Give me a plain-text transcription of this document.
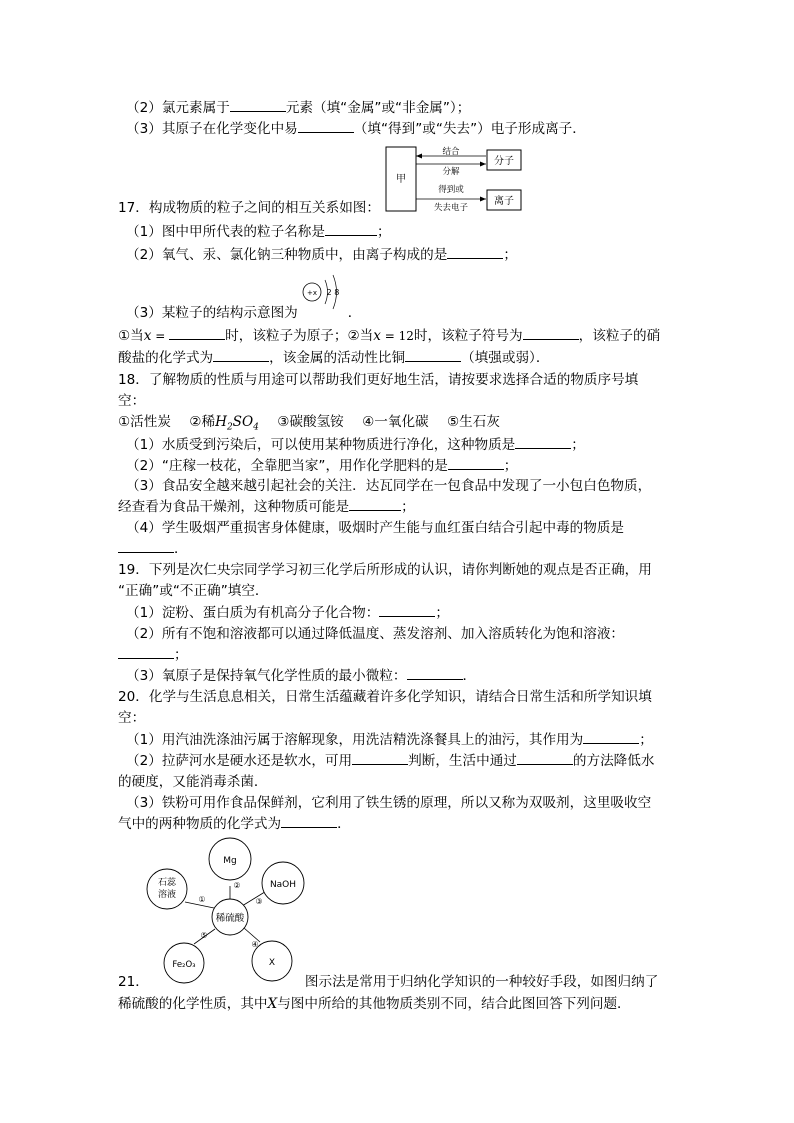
（2）氯元素属于	元素（填“金属”或“非金属”）；
（3）其原子在化学变化中易	（填“得到”或“失去”）电子形成离子．
甲
分子
离子
结合
分解
得到或
失去电子
17．构成物质的粒子之间的相互关系如图：
（1）图中甲所代表的粒子名称是	；
（2）氧气、汞、氯化钠三种物质中，由离子构成的是	；
+x 2 8
（3）某粒子的结构示意图为	．
①当x =	时，该粒子为原子；②当x = 12时，该粒子符号为	，该粒子的硝
酸盐的化学式为	，该金属的活动性比铜	（填强或弱）．
18．了解物质的性质与用途可以帮助我们更好地生活，请按要求选择合适的物质序号填
空：
①活性炭 ②稀$H_2SO_4$ ③碳酸氢铵 ④一氧化碳 ⑤生石灰
（1）水质受到污染后，可以使用某种物质进行净化，这种物质是	；
（2）“庄稼一枝花，全靠肥当家”，用作化学肥料的是	；
（3）食品安全越来越引起社会的关注．达瓦同学在一包食品中发现了一小包白色物质，
经查看为食品干燥剂，这种物质可能是	；
（4）学生吸烟严重损害身体健康，吸烟时产生能与血红蛋白结合引起中毒的物质是
．
19．下列是次仁央宗同学学习初三化学后所形成的认识，请你判断她的观点是否正确，用
“正确”或“不正确”填空．
（1）淀粉、蛋白质为有机高分子化合物：	；
（2）所有不饱和溶液都可以通过降低温度、蒸发溶剂、加入溶质转化为饱和溶液：
；
（3）氧原子是保持氧气化学性质的最小微粒：	．
20．化学与生活息息相关，日常生活蕴藏着许多化学知识，请结合日常生活和所学知识填
空：
（1）用汽油洗涤油污属于溶解现象，用洗洁精洗涤餐具上的油污，其作用为	；
（2）拉萨河水是硬水还是软水，可用	判断，生活中通过	的方法降低水
的硬度，又能消毒杀菌．
（3）铁粉可用作食品保鲜剂，它利用了铁生锈的原理，所以又称为双吸剂，这里吸收空
气中的两种物质的化学式为	．
稀硫酸
Mg
NaOH
石蕊
溶液
Fe₂O₃	X
①
②
③
④
⑤
21．	图示法是常用于归纳化学知识的一种较好手段，如图归纳了
稀硫酸的化学性质，其中X与图中所给的其他物质类别不同，结合此图回答下列问题．
